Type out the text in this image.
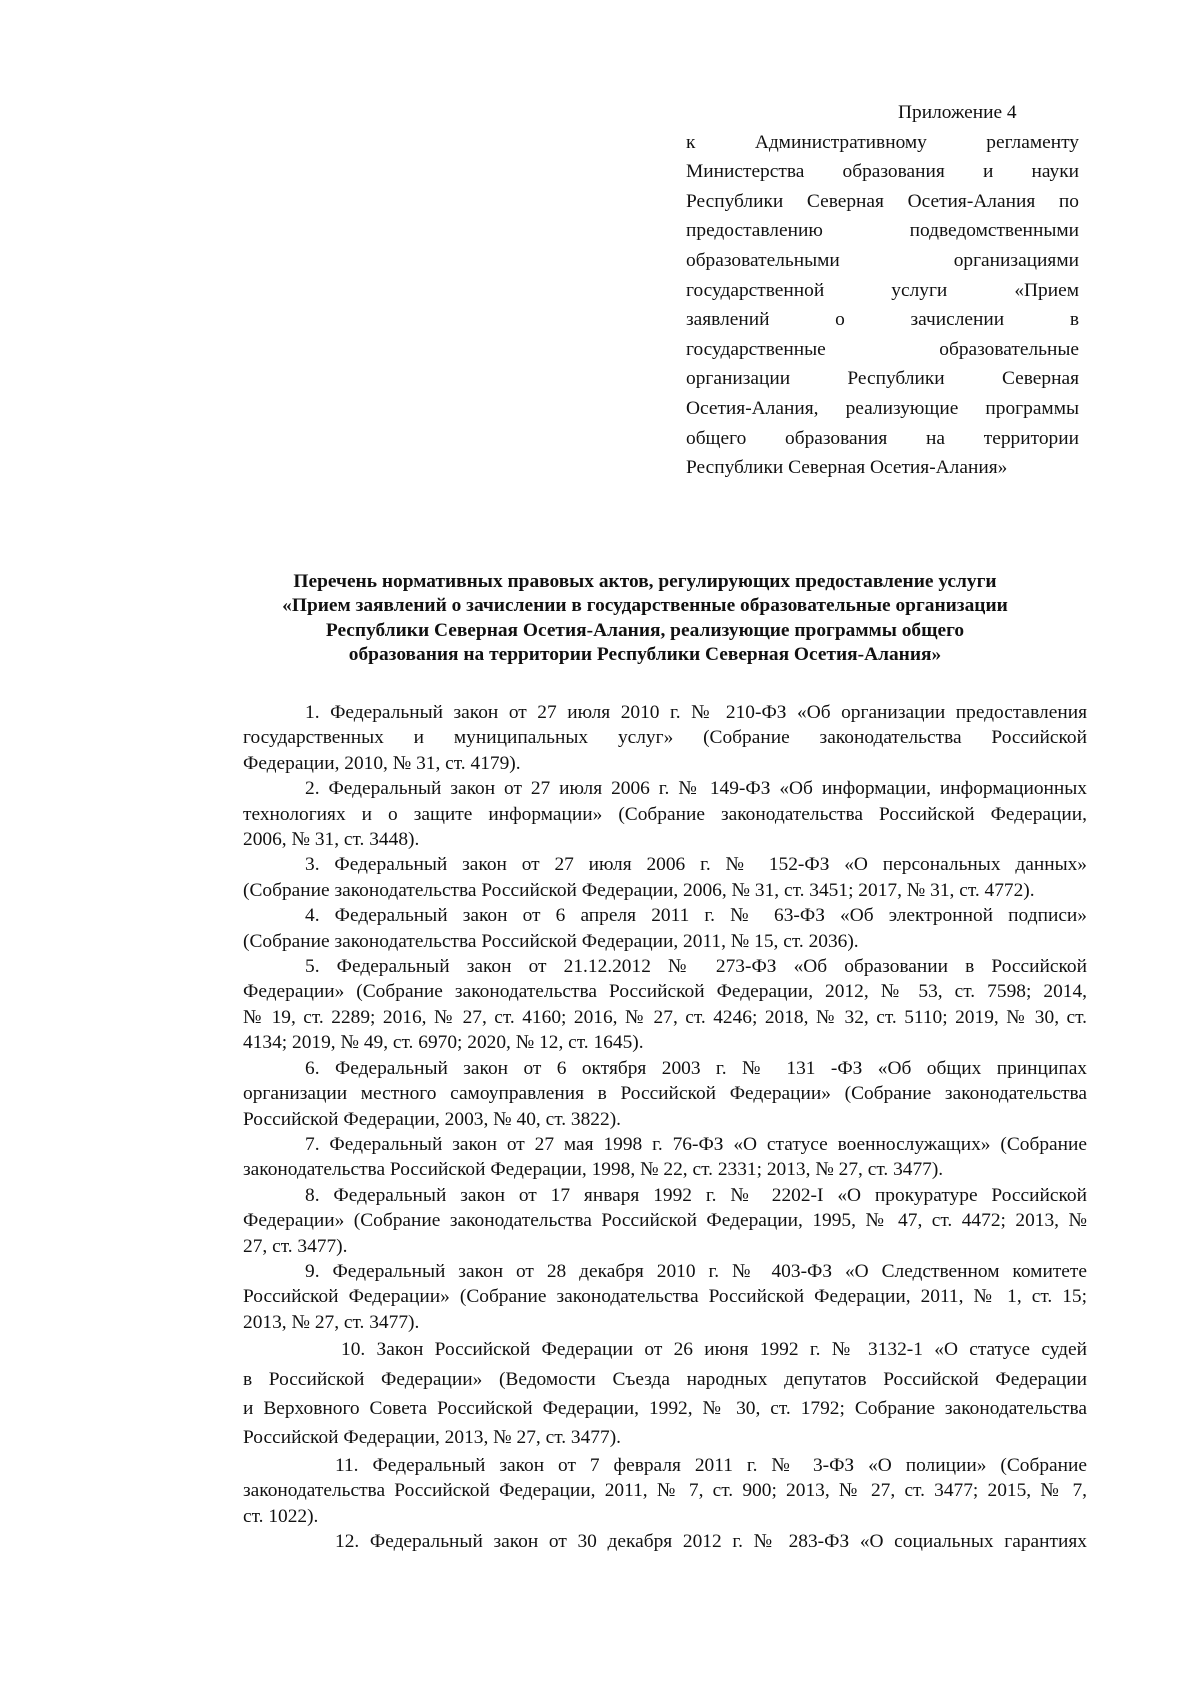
Приложение 4
к Административному регламенту
Министерства образования и науки
Республики Северная Осетия-Алания по
предоставлению подведомственными
образовательными организациями
государственной услуги «Прием
заявлений о зачислении в
государственные образовательные
организации Республики Северная
Осетия-Алания, реализующие программы
общего образования на территории
Республики Северная Осетия-Алания»
Перечень нормативных правовых актов, регулирующих предоставление услуги
«Прием заявлений о зачислении в государственные образовательные организации
Республики Северная Осетия-Алания, реализующие программы общего
образования на территории Республики Северная Осетия-Алания»
1. Федеральный закон от 27 июля 2010 г. № 210-ФЗ «Об организации предоставления
государственных и муниципальных услуг» (Собрание законодательства Российской
Федерации, 2010, № 31, ст. 4179).
2. Федеральный закон от 27 июля 2006 г. № 149-ФЗ «Об информации, информационных
технологиях и о защите информации» (Собрание законодательства Российской Федерации,
2006, № 31, ст. 3448).
3. Федеральный закон от 27 июля 2006 г. № 152-ФЗ «О персональных данных»
(Собрание законодательства Российской Федерации, 2006, № 31, ст. 3451; 2017, № 31, ст. 4772).
4. Федеральный закон от 6 апреля 2011 г. № 63-ФЗ «Об электронной подписи»
(Собрание законодательства Российской Федерации, 2011, № 15, ст. 2036).
5. Федеральный закон от 21.12.2012 № 273-ФЗ «Об образовании в Российской
Федерации» (Собрание законодательства Российской Федерации, 2012, № 53, ст. 7598; 2014,
№ 19, ст. 2289; 2016, № 27, ст. 4160; 2016, № 27, ст. 4246; 2018, № 32, ст. 5110; 2019, № 30, ст.
4134; 2019, № 49, ст. 6970; 2020, № 12, ст. 1645).
6. Федеральный закон от 6 октября 2003 г. № 131 -ФЗ «Об общих принципах
организации местного самоуправления в Российской Федерации» (Собрание законодательства
Российской Федерации, 2003, № 40, ст. 3822).
7. Федеральный закон от 27 мая 1998 г. 76-ФЗ «О статусе военнослужащих» (Собрание
законодательства Российской Федерации, 1998, № 22, ст. 2331; 2013, № 27, ст. 3477).
8. Федеральный закон от 17 января 1992 г. № 2202-I «О прокуратуре Российской
Федерации» (Собрание законодательства Российской Федерации, 1995, № 47, ст. 4472; 2013, №
27, ст. 3477).
9. Федеральный закон от 28 декабря 2010 г. № 403-ФЗ «О Следственном комитете
Российской Федерации» (Собрание законодательства Российской Федерации, 2011, № 1, ст. 15;
2013, № 27, ст. 3477).
10. Закон Российской Федерации от 26 июня 1992 г. № 3132-1 «О статусе судей
в Российской Федерации» (Ведомости Съезда народных депутатов Российской Федерации
и Верховного Совета Российской Федерации, 1992, № 30, ст. 1792; Собрание законодательства
Российской Федерации, 2013, № 27, ст. 3477).
11. Федеральный закон от 7 февраля 2011 г. № 3-ФЗ «О полиции» (Собрание
законодательства Российской Федерации, 2011, № 7, ст. 900; 2013, № 27, ст. 3477; 2015, № 7,
ст. 1022).
12. Федеральный закон от 30 декабря 2012 г. № 283-ФЗ «О социальных гарантиях
